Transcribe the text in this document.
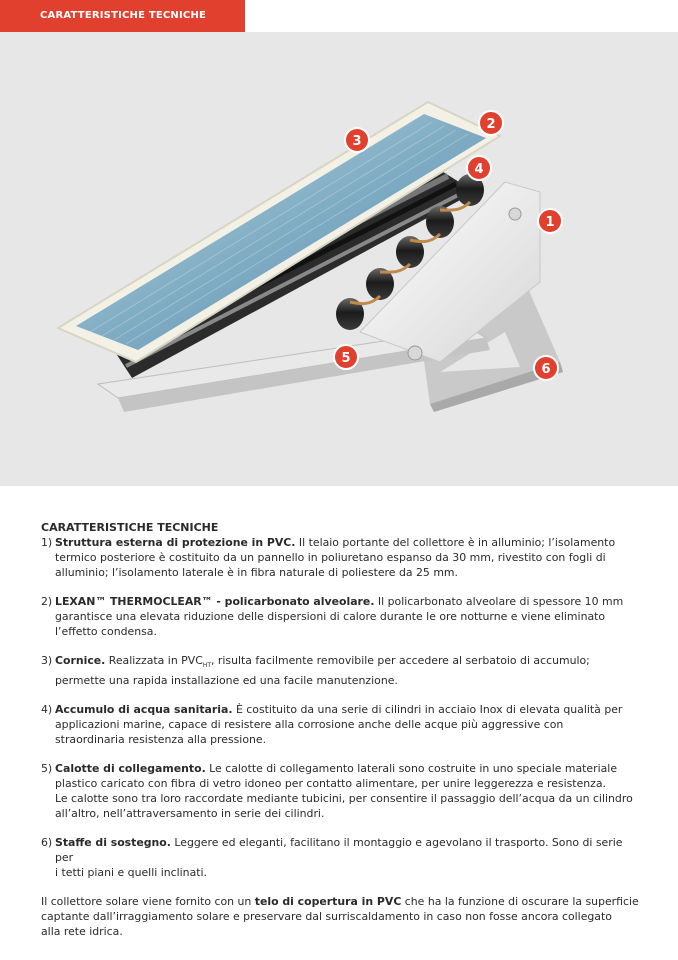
CARATTERISTICHE TECNICHE
1
2
3
4
5
6

CARATTERISTICHE TECNICHE

1) Struttura esterna di protezione in PVC. Il telaio portante del collettore è in alluminio; l’isolamento
termico posteriore è costituito da un pannello in poliuretano espanso da 30 mm, rivestito con fogli di
alluminio; l’isolamento laterale è in fibra naturale di poliestere da 25 mm.
2) LEXAN™ THERMOCLEAR™ - policarbonato alveolare. Il policarbonato alveolare di spessore 10 mm
garantisce una elevata riduzione delle dispersioni di calore durante le ore notturne e viene eliminato
l’effetto condensa.
3) Cornice. Realizzata in $PVC_{HT}$, risulta facilmente removibile per accedere al serbatoio di accumulo;
permette una rapida installazione ed una facile manutenzione.
4) Accumulo di acqua sanitaria. È costituito da una serie di cilindri in acciaio Inox di elevata qualità per
applicazioni marine, capace di resistere alla corrosione anche delle acque più aggressive con
straordinaria resistenza alla pressione.
5) Calotte di collegamento. Le calotte di collegamento laterali sono costruite in uno speciale materiale
plastico caricato con fibra di vetro idoneo per contatto alimentare, per unire leggerezza e resistenza.
Le calotte sono tra loro raccordate mediante tubicini, per consentire il passaggio dell’acqua da un cilindro
all’altro, nell’attraversamento in serie dei cilindri.
6) Staffe di sostegno. Leggere ed eleganti, facilitano il montaggio e agevolano il trasporto. Sono di serie per
i tetti piani e quelli inclinati.
Il collettore solare viene fornito con un telo di copertura in PVC che ha la funzione di oscurare la superficie
captante dall’irraggiamento solare e preservare dal surriscaldamento in caso non fosse ancora collegato
alla rete idrica.
